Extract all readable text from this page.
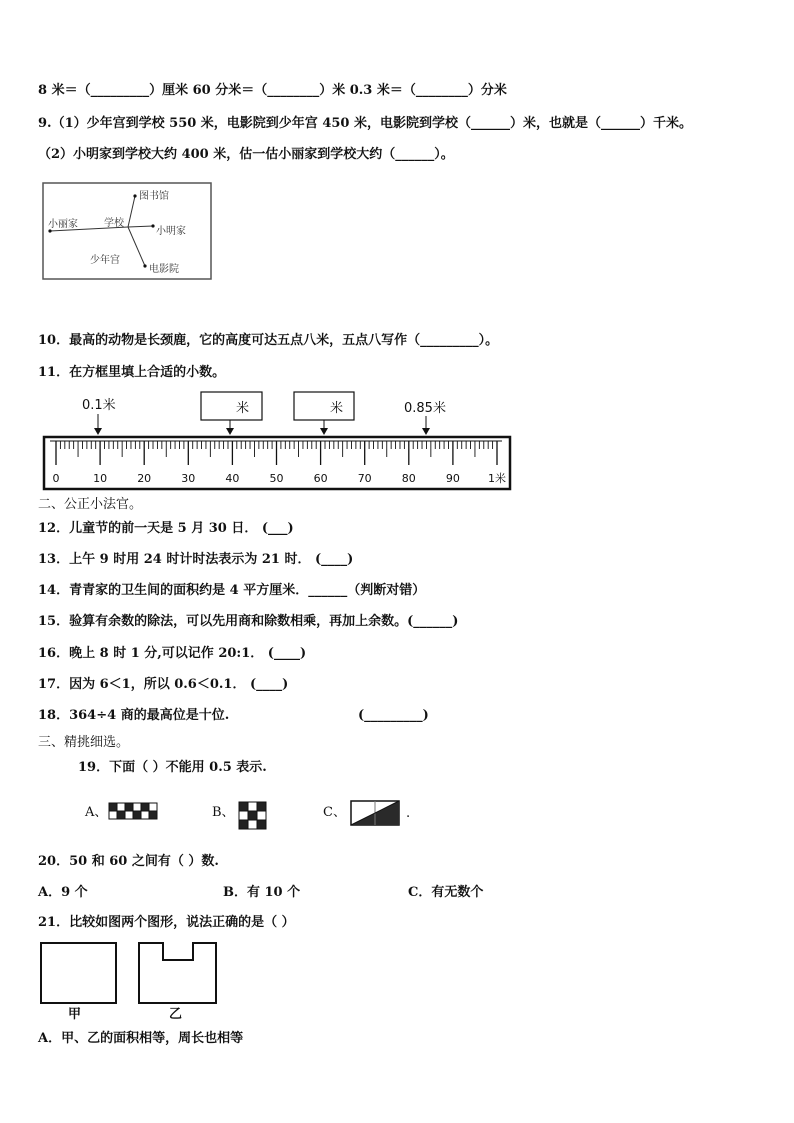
8 米＝（_________）厘米 60 分米＝（________）米 0.3 米＝（________）分米
9.（1）少年宫到学校 550 米，电影院到少年宫 450 米，电影院到学校（______）米，也就是（______）千米。
（2）小明家到学校大约 400 米，估一估小丽家到学校大约（______）。
图书馆
小丽家	学校
小明家
少年宫
电影院
10．最高的动物是长颈鹿，它的高度可达五点八米，五点八写作（_________）。
11．在方框里填上合适的小数。
0.1米	米	米	0.85米
0	10	20	30	40	50	60	70	80	90	1米
二、公正小法官。
12．儿童节的前一天是 5 月 30 日． (___)
13．上午 9 时用 24 时计时法表示为 21 时． (____)
14．青青家的卫生间的面积约是 4 平方厘米．______（判断对错）
15．验算有余数的除法，可以先用商和除数相乘，再加上余数。(______)
16．晚上 8 时 1 分,可以记作 20:1． (____)
17．因为 6＜1，所以 0.6＜0.1． (____)
18．364÷4 商的最高位是十位.	(_________)
三、精挑细选。
19．下面（ ）不能用 0.5 表示.
A、	B、	C、	.
20．50 和 60 之间有（ ）数.
A．9 个	B．有 10 个	C．有无数个
21．比较如图两个图形，说法正确的是（ ）
甲	乙
A．甲、乙的面积相等，周长也相等
